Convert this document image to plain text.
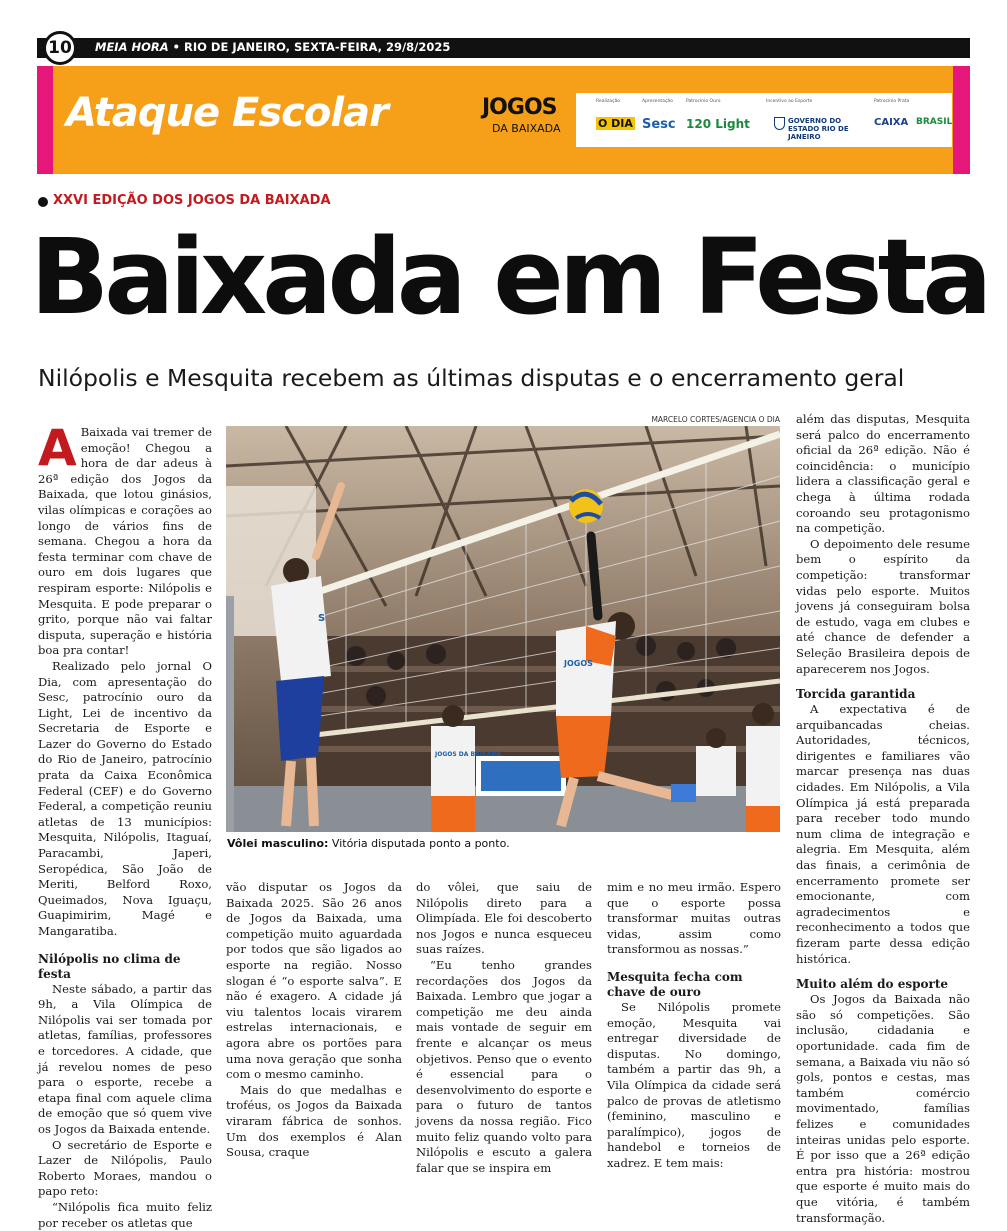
10	MEIA HORA • RIO DE JANEIRO, SEXTA-FEIRA, 29/8/2025
Ataque Escolar	JOGOS
DA BAIXADA
Realização
O DIA
Apresentação
Sesc
Patrocínio Ouro
120 Light
Incentivo ao Esporte
GOVERNO DO ESTADO RIO DE JANEIRO
Patrocínio Prata
CAIXA BRASIL
XXVI EDIÇÃO DOS JOGOS DA BAIXADA
Baixada em Festa
Nilópolis e Mesquita recebem as últimas disputas e o encerramento geral

A Baixada vai tremer de emoção! Chegou a hora de dar adeus à 26ª edição dos Jogos da Baixada, que lotou ginásios, vilas olímpicas e corações ao longo de vários fins de semana. Chegou a hora da festa terminar com chave de ouro em dois lugares que respiram esporte: Nilópolis e Mesquita. E pode preparar o grito, porque não vai faltar disputa, superação e história boa pra contar!

Realizado pelo jornal O Dia, com apresentação do Sesc, patrocínio ouro da Light, Lei de incentivo da Secretaria de Esporte e Lazer do Governo do Estado do Rio de Janeiro, patrocínio prata da Caixa Econômica Federal (CEF) e do Governo Federal, a competição reuniu atletas de 13 municípios: Mesquita, Nilópolis, Itaguaí, Paracambi, Japeri, Seropédica, São João de Meriti, Belford Roxo, Queimados, Nova Iguaçu, Guapimirim, Magé e Mangaratiba.

Nilópolis no clima de festa

Neste sábado, a partir das 9h, a Vila Olímpica de Nilópolis vai ser tomada por atletas, famílias, professores e torcedores. A cidade, que já revelou nomes de peso para o esporte, recebe a etapa final com aquele clima de emoção que só quem vive os Jogos da Baixada entende.

O secretário de Esporte e Lazer de Nilópolis, Paulo Roberto Moraes, mandou o papo reto:

“Nilópolis fica muito feliz por receber os atletas que

MARCELO CORTES/AGENCIA O DIA
S
JOGOS
JOGOS DA BAIXADA
Vôlei masculino: Vitória disputada ponto a ponto.

vão disputar os Jogos da Baixada 2025. São 26 anos de Jogos da Baixada, uma competição muito aguardada por todos que são ligados ao esporte na região. Nosso slogan é “o esporte salva”. E não é exagero. A cidade já viu talentos locais virarem estrelas internacionais, e agora abre os portões para uma nova geração que sonha com o mesmo caminho.

Mais do que medalhas e troféus, os Jogos da Baixada viraram fábrica de sonhos. Um dos exemplos é Alan Sousa, craque

do vôlei, que saiu de Nilópolis direto para a Olimpíada. Ele foi descoberto nos Jogos e nunca esqueceu suas raízes.

“Eu tenho grandes recordações dos Jogos da Baixada. Lembro que jogar a competição me deu ainda mais vontade de seguir em frente e alcançar os meus objetivos. Penso que o evento é essencial para o desenvolvimento do esporte e para o futuro de tantos jovens da nossa região. Fico muito feliz quando volto para Nilópolis e escuto a galera falar que se inspira em

mim e no meu irmão. Espero que o esporte possa transformar muitas outras vidas, assim como transformou as nossas.”

Mesquita fecha com chave de ouro

Se Nilópolis promete emoção, Mesquita vai entregar diversidade de disputas. No domingo, também a partir das 9h, a Vila Olímpica da cidade será palco de provas de atletismo (feminino, masculino e paralímpico), jogos de handebol e torneios de xadrez. E tem mais:

além das disputas, Mesquita será palco do encerramento oficial da 26ª edição. Não é coincidência: o município lidera a classificação geral e chega à última rodada coroando seu protagonismo na competição.

O depoimento dele resume bem o espírito da competição: transformar vidas pelo esporte. Muitos jovens já conseguiram bolsa de estudo, vaga em clubes e até chance de defender a Seleção Brasileira depois de aparecerem nos Jogos.

Torcida garantida

A expectativa é de arquibancadas cheias. Autoridades, técnicos, dirigentes e familiares vão marcar presença nas duas cidades. Em Nilópolis, a Vila Olímpica já está preparada para receber todo mundo num clima de integração e alegria. Em Mesquita, além das finais, a cerimônia de encerramento promete ser emocionante, com agradecimentos e reconhecimento a todos que fizeram parte dessa edição histórica.

Muito além do esporte

Os Jogos da Baixada não são só competições. São inclusão, cidadania e oportunidade. cada fim de semana, a Baixada viu não só gols, pontos e cestas, mas também comércio movimentado, famílias felizes e comunidades inteiras unidas pelo esporte. É por isso que a 26ª edição entra pra história: mostrou que esporte é muito mais do que vitória, é também transformação.
